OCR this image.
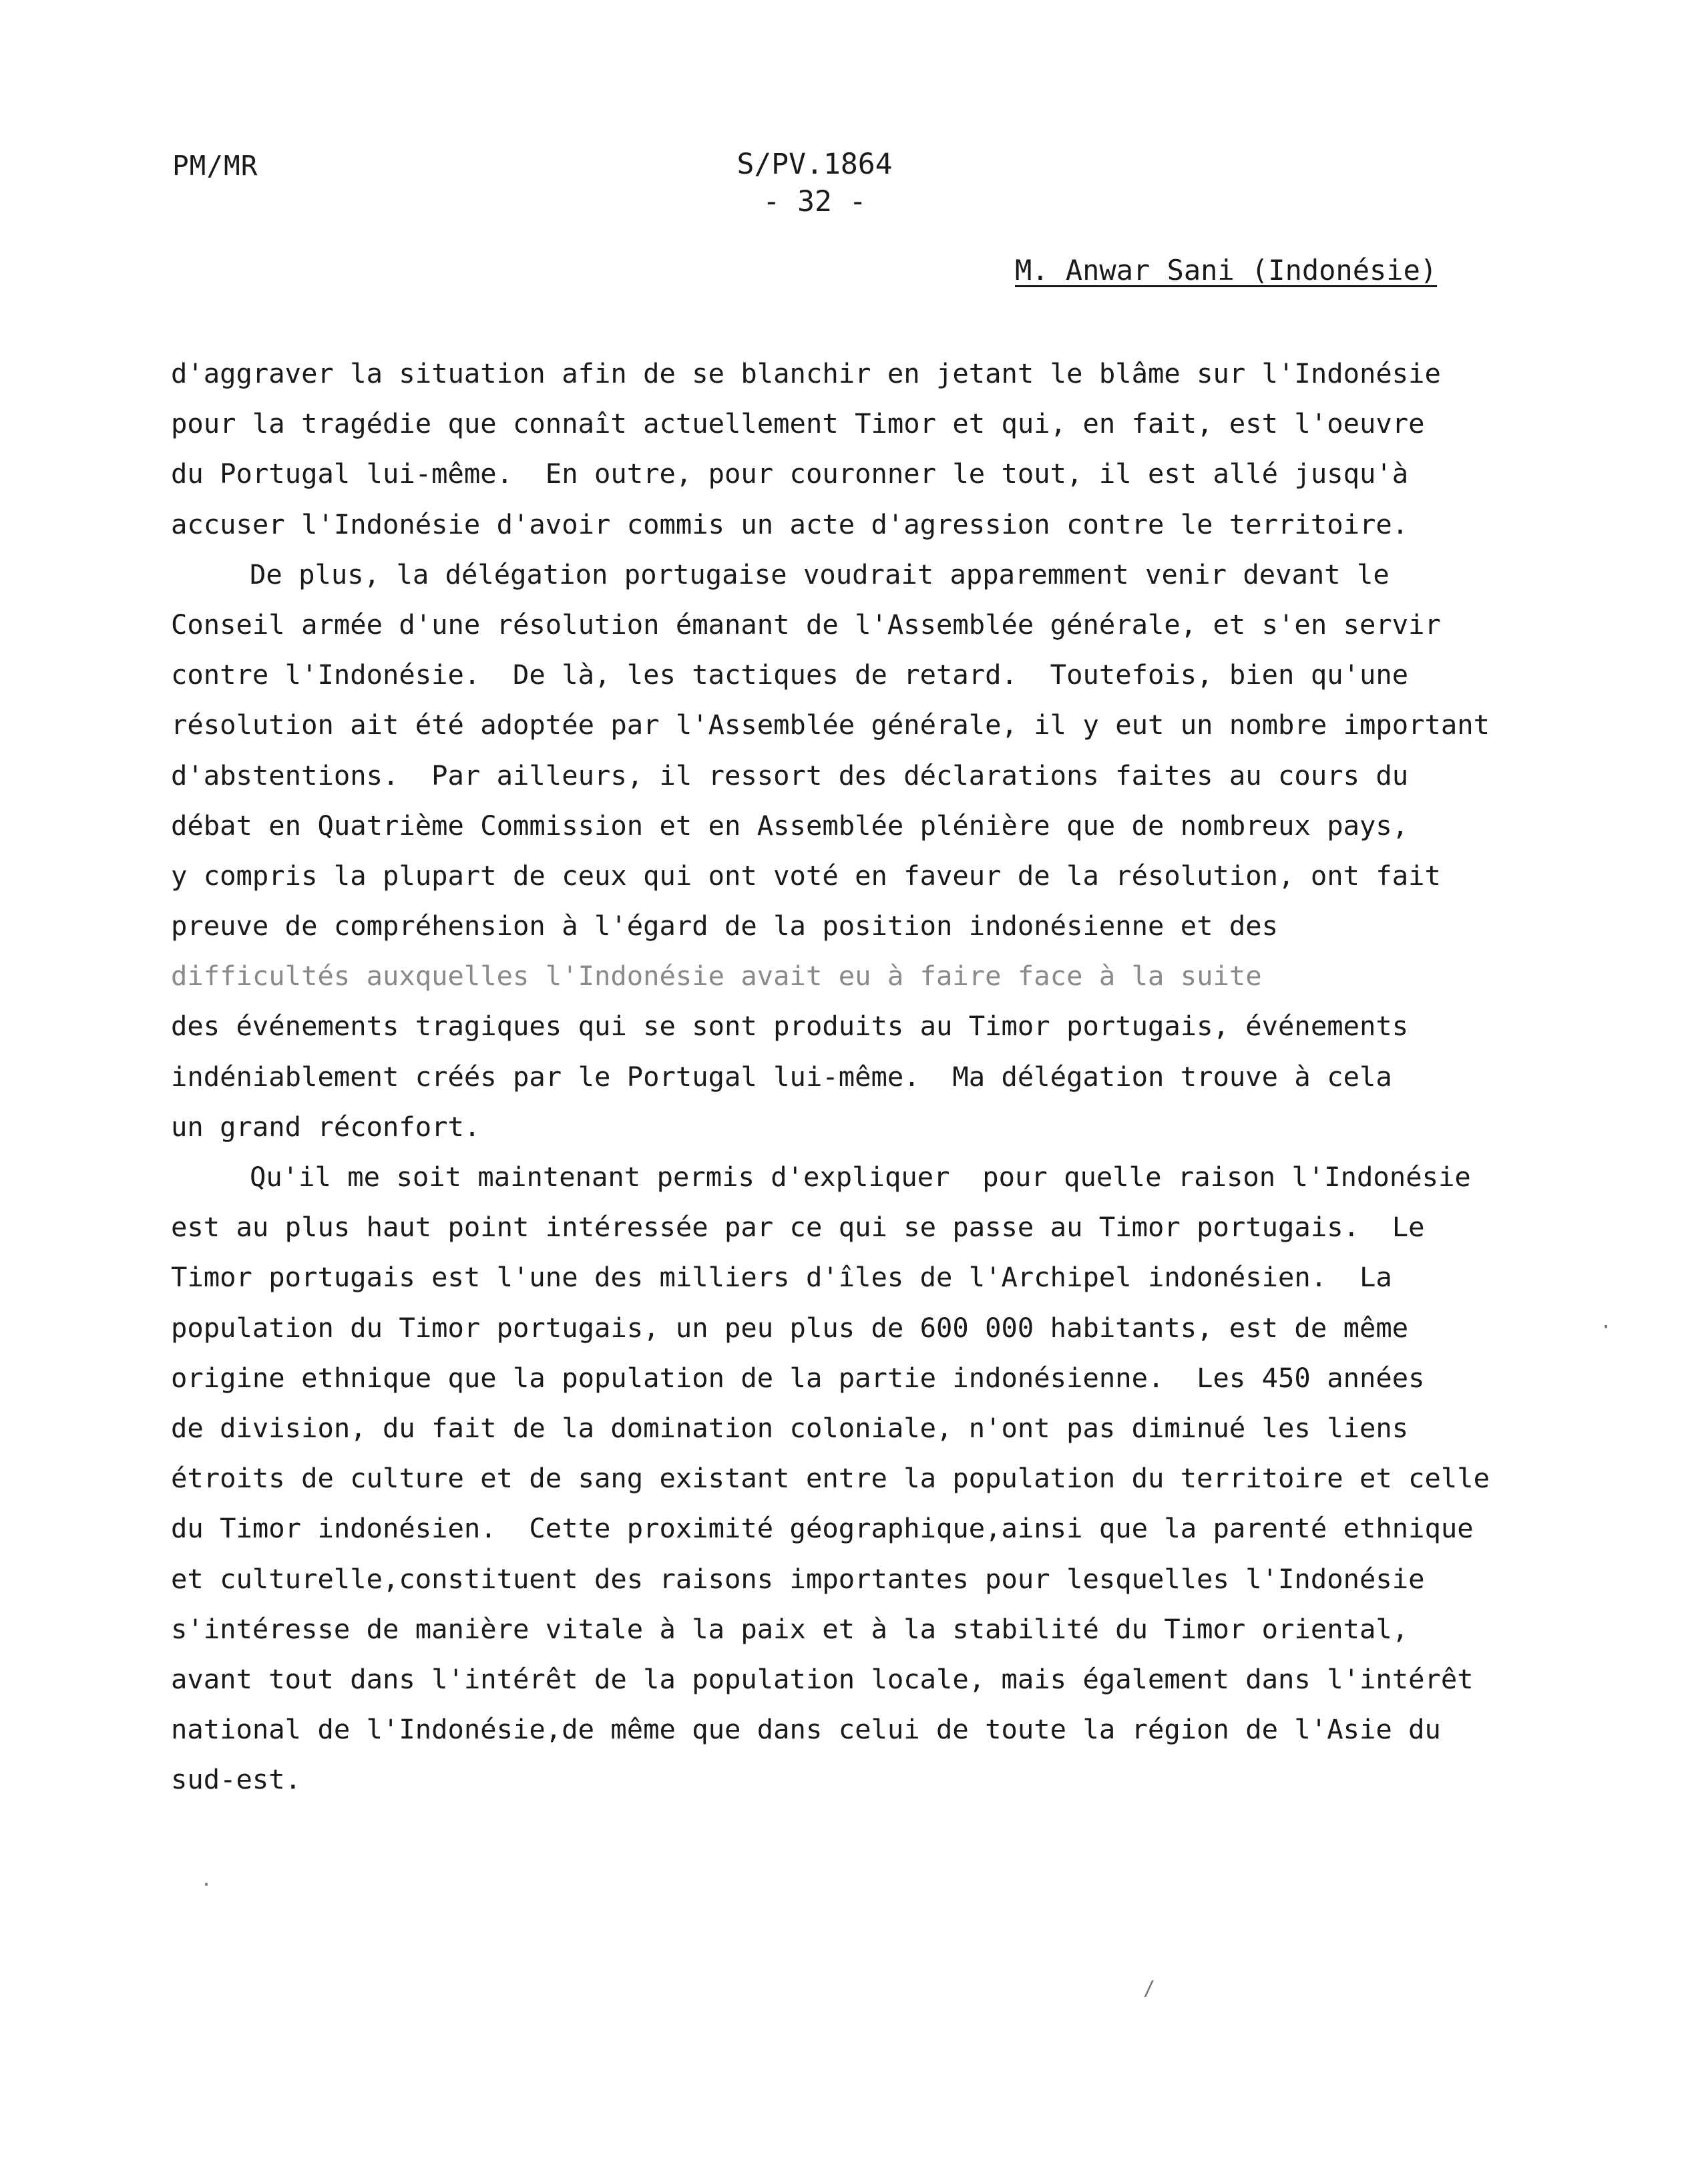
PM/MR	S/PV.1864
- 32 -
M. Anwar Sani (Indonésie)
d'aggraver la situation afin de se blanchir en jetant le blâme sur l'Indonésie
pour la tragédie que connaît actuellement Timor et qui, en fait, est l'oeuvre
du Portugal lui-même.  En outre, pour couronner le tout, il est allé jusqu'à
accuser l'Indonésie d'avoir commis un acte d'agression contre le territoire.
De plus, la délégation portugaise voudrait apparemment venir devant le
Conseil armée d'une résolution émanant de l'Assemblée générale, et s'en servir
contre l'Indonésie.  De là, les tactiques de retard.  Toutefois, bien qu'une
résolution ait été adoptée par l'Assemblée générale, il y eut un nombre important
d'abstentions.  Par ailleurs, il ressort des déclarations faites au cours du
débat en Quatrième Commission et en Assemblée plénière que de nombreux pays,
y compris la plupart de ceux qui ont voté en faveur de la résolution, ont fait
preuve de compréhension à l'égard de la position indonésienne et des
difficultés auxquelles l'Indonésie avait eu à faire face à la suite
des événements tragiques qui se sont produits au Timor portugais, événements
indéniablement créés par le Portugal lui-même.  Ma délégation trouve à cela
un grand réconfort.
Qu'il me soit maintenant permis d'expliquer  pour quelle raison l'Indonésie
est au plus haut point intéressée par ce qui se passe au Timor portugais.  Le
Timor portugais est l'une des milliers d'îles de l'Archipel indonésien.  La
population du Timor portugais, un peu plus de 600 000 habitants, est de même
origine ethnique que la population de la partie indonésienne.  Les 450 années
de division, du fait de la domination coloniale, n'ont pas diminué les liens
étroits de culture et de sang existant entre la population du territoire et celle
du Timor indonésien.  Cette proximité géographique,ainsi que la parenté ethnique
et culturelle,constituent des raisons importantes pour lesquelles l'Indonésie
s'intéresse de manière vitale à la paix et à la stabilité du Timor oriental,
avant tout dans l'intérêt de la population locale, mais également dans l'intérêt
national de l'Indonésie,de même que dans celui de toute la région de l'Asie du
sud-est.
·
/
·
